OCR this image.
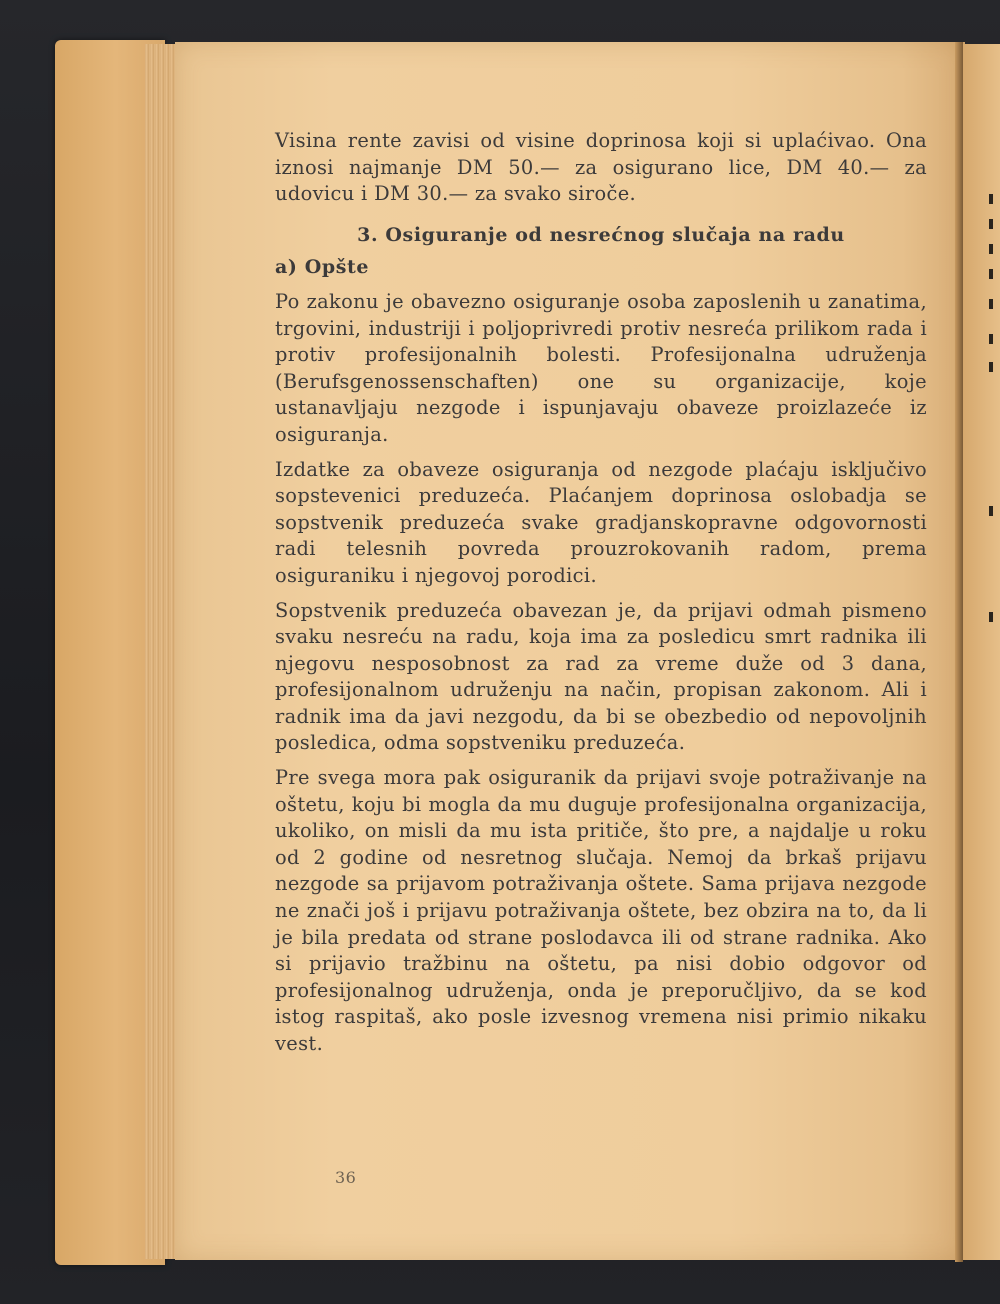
Visina rente zavisi od visine doprinosa koji si uplaćivao. Ona iznosi najmanje DM 50.— za osigurano lice, DM 40.— za udovicu i DM 30.— za svako siroče.

3. Osiguranje od nesrećnog slučaja na radu
a) Opšte

Po zakonu je obavezno osiguranje osoba zaposlenih u zanatima, trgovini, industriji i poljoprivredi protiv nesreća prilikom rada i protiv profesijonalnih bolesti. Profesijonalna udruženja (Berufsgenossenschaften) one su organizacije, koje ustanavljaju nezgode i ispunjavaju obaveze proizlazeće iz osiguranja.

Izdatke za obaveze osiguranja od nezgode plaćaju isključivo sopstevenici preduzeća. Plaćanjem doprinosa oslobadja se sopstvenik preduzeća svake gradjanskopravne odgovornosti radi telesnih povreda prouzrokovanih radom, prema osiguraniku i njegovoj porodici.

Sopstvenik preduzeća obavezan je, da prijavi odmah pismeno svaku nesreću na radu, koja ima za posledicu smrt radnika ili njegovu nesposobnost za rad za vreme duže od 3 dana, profesijonalnom udruženju na način, propisan zakonom. Ali i radnik ima da javi nezgodu, da bi se obezbedio od nepovoljnih posledica, odma sopstveniku preduzeća.

Pre svega mora pak osiguranik da prijavi svoje potraživanje na oštetu, koju bi mogla da mu duguje profesijonalna organizacija, ukoliko, on misli da mu ista pritiče, što pre, a najdalje u roku od 2 godine od nesretnog slučaja. Nemoj da brkaš prijavu nezgode sa prijavom potraživanja oštete. Sama prijava nezgode ne znači još i prijavu potraživanja oštete, bez obzira na to, da li je bila predata od strane poslodavca ili od strane radnika. Ako si prijavio tražbinu na oštetu, pa nisi dobio odgovor od profesijonalnog udruženja, onda je preporučljivo, da se kod istog raspitaš, ako posle izvesnog vremena nisi primio nikaku vest.

36
